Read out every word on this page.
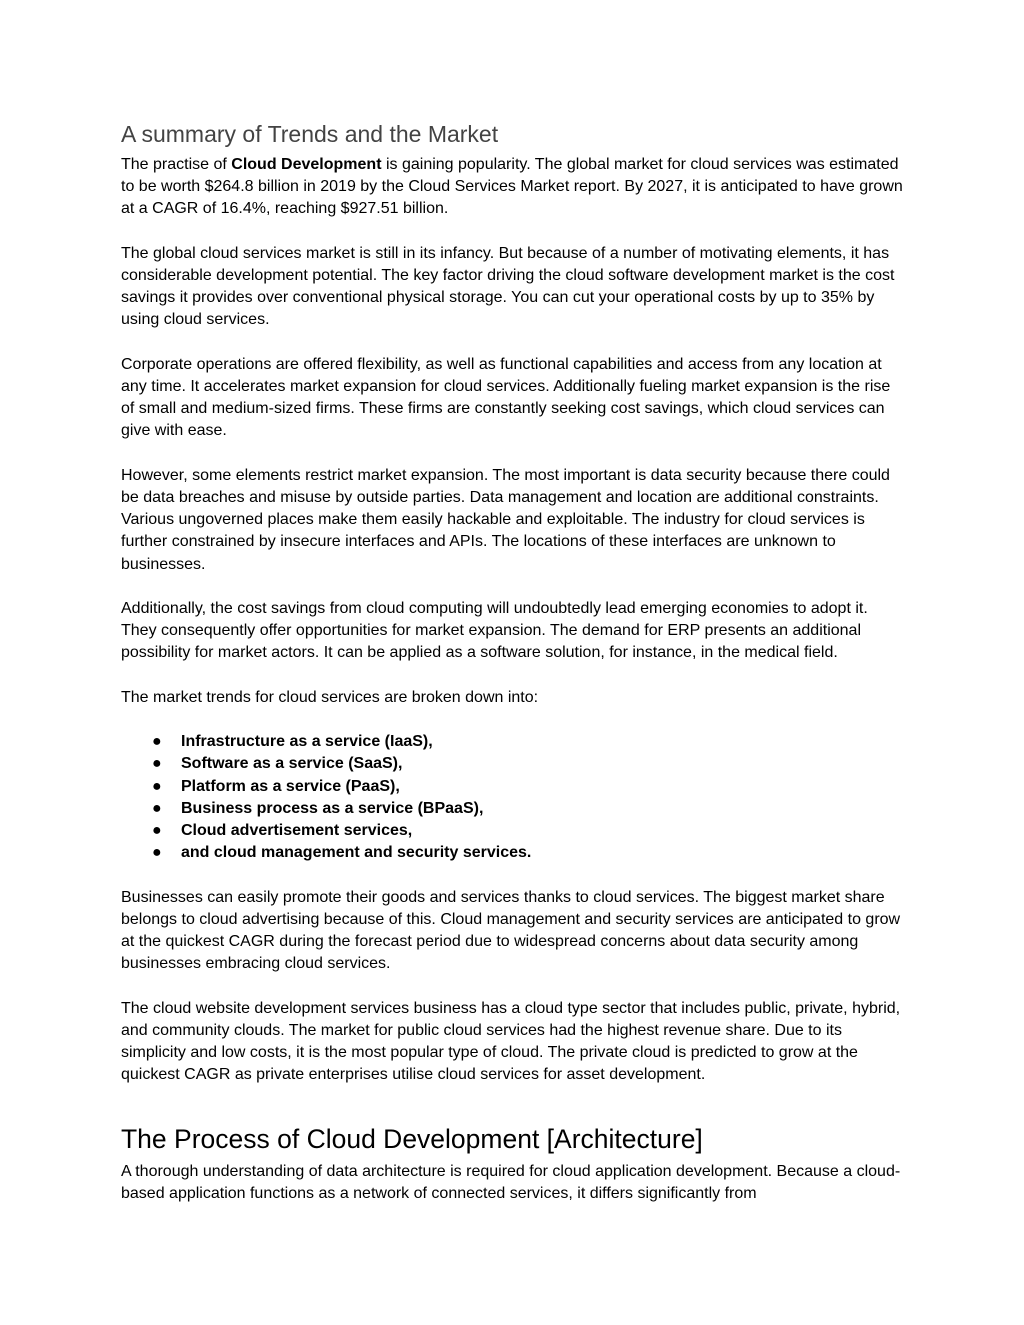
A summary of Trends and the Market

The practise of Cloud Development is gaining popularity. The global market for cloud services was estimated to be worth $264.8 billion in 2019 by the Cloud Services Market report. By 2027, it is anticipated to have grown at a CAGR of 16.4%, reaching $927.51 billion.

The global cloud services market is still in its infancy. But because of a number of motivating elements, it has considerable development potential. The key factor driving the cloud software development market is the cost savings it provides over conventional physical storage. You can cut your operational costs by up to 35% by using cloud services.

Corporate operations are offered flexibility, as well as functional capabilities and access from any location at any time. It accelerates market expansion for cloud services. Additionally fueling market expansion is the rise of small and medium-sized firms. These firms are constantly seeking cost savings, which cloud services can give with ease.

However, some elements restrict market expansion. The most important is data security because there could be data breaches and misuse by outside parties. Data management and location are additional constraints. Various ungoverned places make them easily hackable and exploitable. The industry for cloud services is further constrained by insecure interfaces and APIs. The locations of these interfaces are unknown to businesses.

Additionally, the cost savings from cloud computing will undoubtedly lead emerging economies to adopt it. They consequently offer opportunities for market expansion. The demand for ERP presents an additional possibility for market actors. It can be applied as a software solution, for instance, in the medical field.

The market trends for cloud services are broken down into:

● Infrastructure as a service (IaaS),
● Software as a service (SaaS),
● Platform as a service (PaaS),
● Business process as a service (BPaaS),
● Cloud advertisement services,
● and cloud management and security services.

Businesses can easily promote their goods and services thanks to cloud services. The biggest market share belongs to cloud advertising because of this. Cloud management and security services are anticipated to grow at the quickest CAGR during the forecast period due to widespread concerns about data security among businesses embracing cloud services.

The cloud website development services business has a cloud type sector that includes public, private, hybrid, and community clouds. The market for public cloud services had the highest revenue share. Due to its simplicity and low costs, it is the most popular type of cloud. The private cloud is predicted to grow at the quickest CAGR as private enterprises utilise cloud services for asset development.

The Process of Cloud Development [Architecture]

A thorough understanding of data architecture is required for cloud application development. Because a cloud-based application functions as a network of connected services, it differs significantly from
